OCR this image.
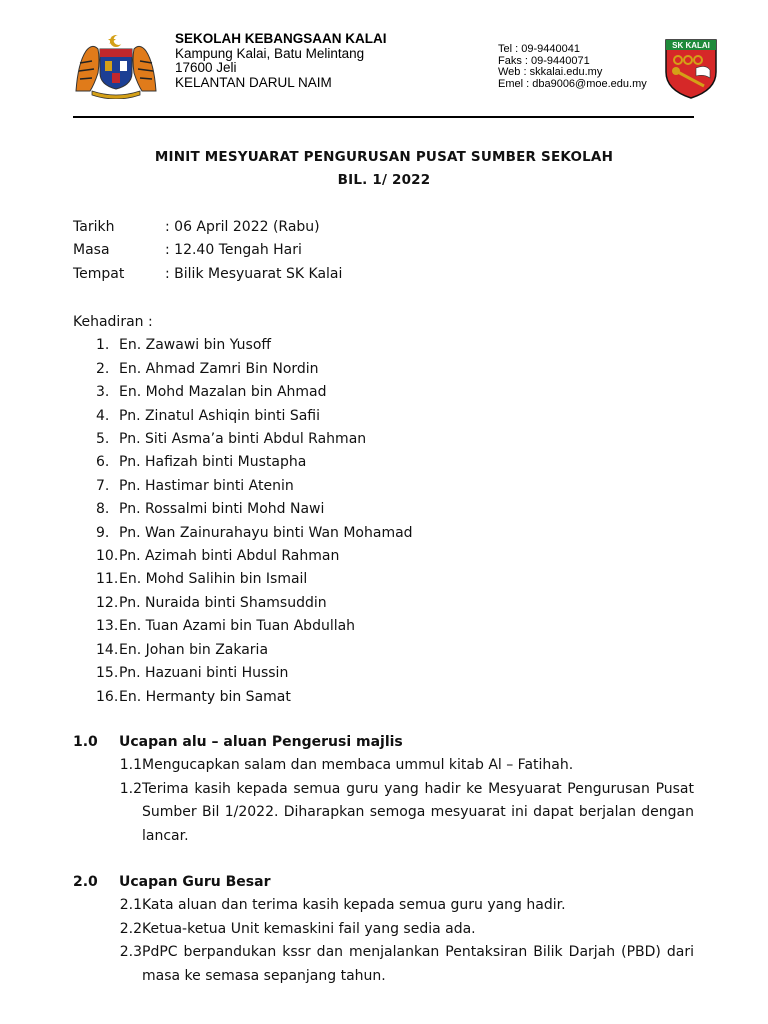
SEKOLAH KEBANGSAAN KALAI
Kampung Kalai, Batu Melintang
17600 Jeli
KELANTAN DARUL NAIM
Tel : 09-9440041
Faks : 09-9440071
Web : skkalai.edu.my
Emel : dba9006@moe.edu.my
SK KALAI
MINIT MESYUARAT PENGURUSAN PUSAT SUMBER SEKOLAH
BIL. 1/ 2022
Tarikh	: 06 April 2022 (Rabu)
Masa	: 12.40 Tengah Hari
Tempat	: Bilik Mesyuarat SK Kalai
Kehadiran :
1. En. Zawawi bin Yusoff
2. En. Ahmad Zamri Bin Nordin
3. En. Mohd Mazalan bin Ahmad
4. Pn. Zinatul Ashiqin binti Safii
5. Pn. Siti Asma’a binti Abdul Rahman
6. Pn. Hafizah binti Mustapha
7. Pn. Hastimar binti Atenin
8. Pn. Rossalmi binti Mohd Nawi
9. Pn. Wan Zainurahayu binti Wan Mohamad
10. Pn. Azimah binti Abdul Rahman
11. En. Mohd Salihin bin Ismail
12. Pn. Nuraida binti Shamsuddin
13. En. Tuan Azami bin Tuan Abdullah
14. En. Johan bin Zakaria
15. Pn. Hazuani binti Hussin
16. En. Hermanty bin Samat
1.0	Ucapan alu – aluan Pengerusi majlis
1.1 Mengucapkan salam dan membaca ummul kitab Al – Fatihah.
1.2 Terima kasih kepada semua guru yang hadir ke Mesyuarat Pengurusan Pusat Sumber Bil 1/2022. Diharapkan semoga mesyuarat ini dapat berjalan dengan lancar.
2.0	Ucapan Guru Besar
2.1 Kata aluan dan terima kasih kepada semua guru yang hadir.
2.2 Ketua-ketua Unit kemaskini fail yang sedia ada.
2.3 PdPC berpandukan kssr dan menjalankan Pentaksiran Bilik Darjah (PBD) dari masa ke semasa sepanjang tahun.
